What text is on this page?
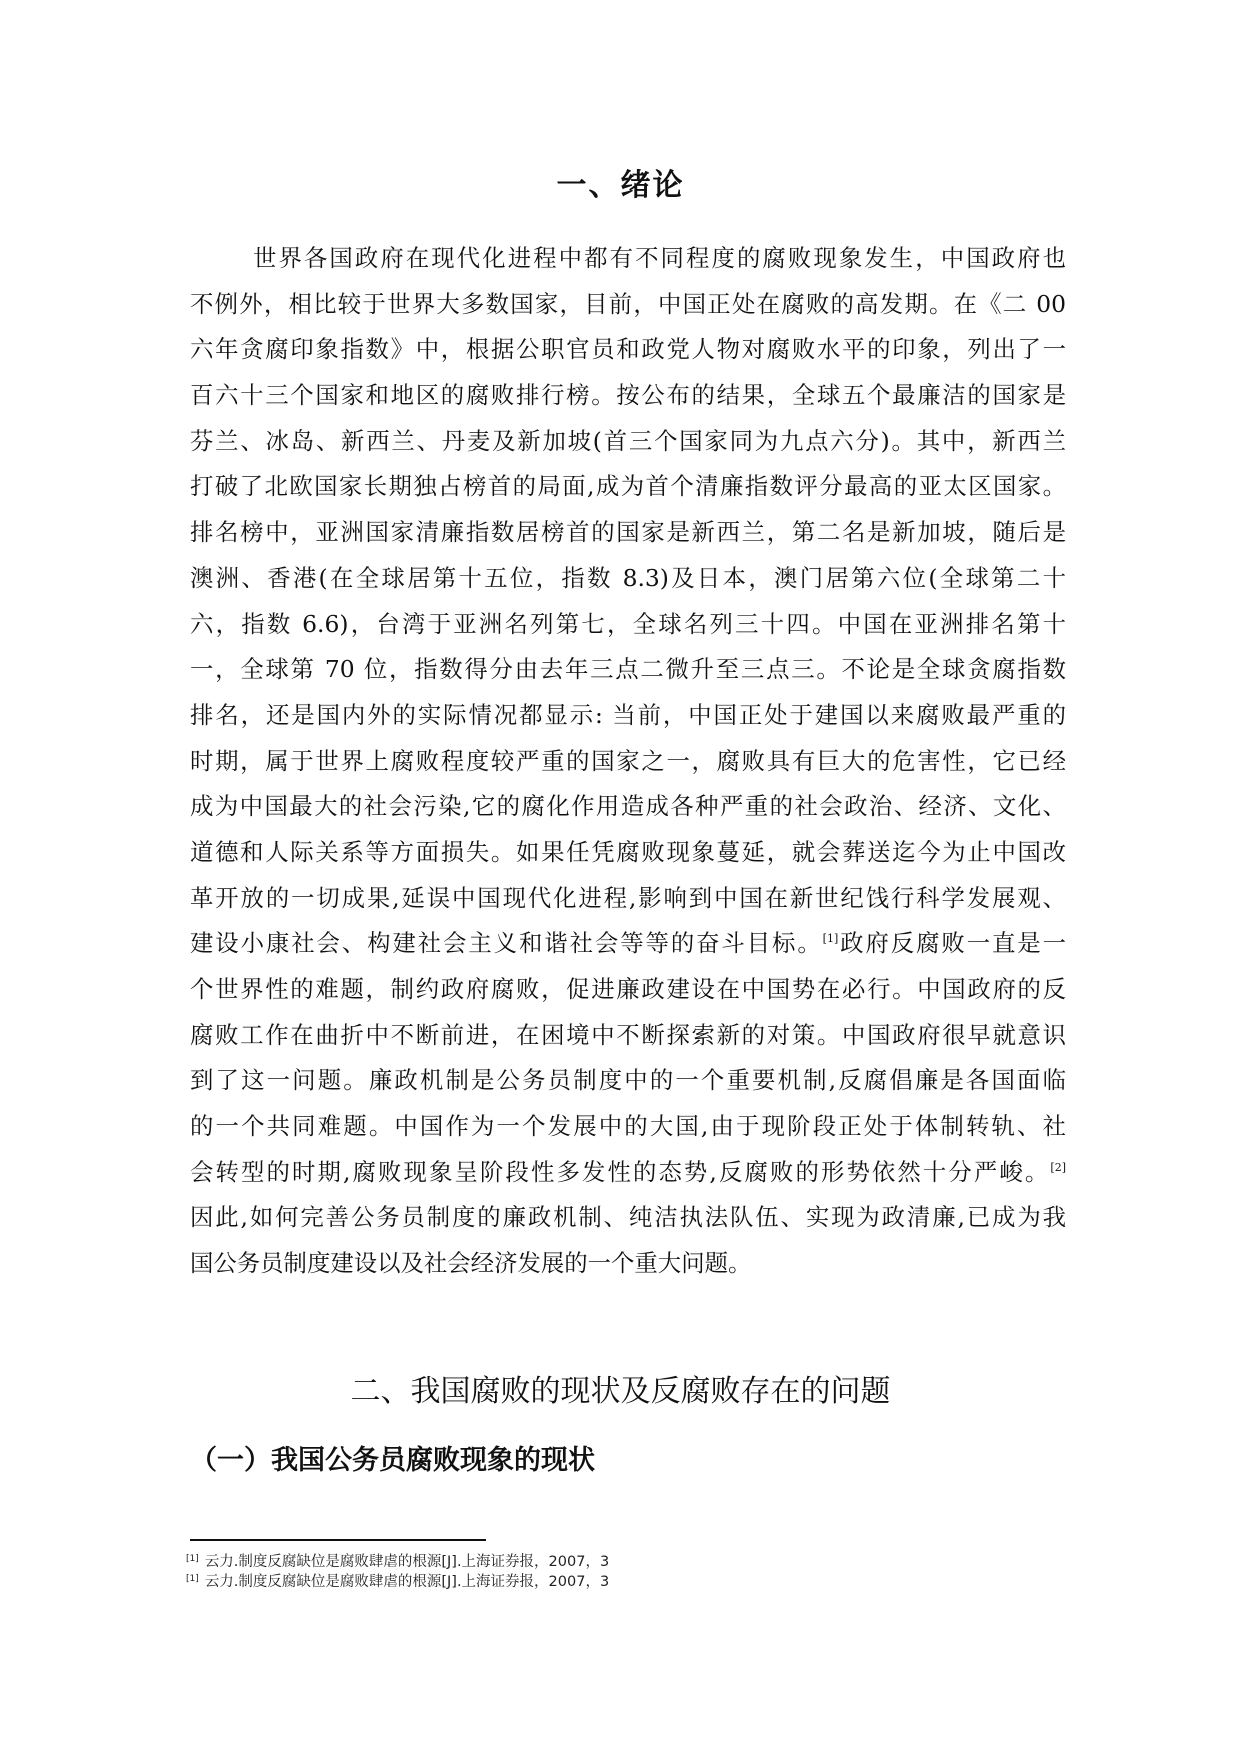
一、绪论
世界各国政府在现代化进程中都有不同程度的腐败现象发生，中国政府也
不例外，相比较于世界大多数国家，目前，中国正处在腐败的高发期。在《二 00
六年贪腐印象指数》中，根据公职官员和政党人物对腐败水平的印象，列出了一
百六十三个国家和地区的腐败排行榜。按公布的结果，全球五个最廉洁的国家是
芬兰、冰岛、新西兰、丹麦及新加坡(首三个国家同为九点六分)。其中，新西兰
打破了北欧国家长期独占榜首的局面,成为首个清廉指数评分最高的亚太区国家。
排名榜中，亚洲国家清廉指数居榜首的国家是新西兰，第二名是新加坡，随后是
澳洲、香港(在全球居第十五位，指数 8.3)及日本，澳门居第六位(全球第二十
六，指数 6.6)，台湾于亚洲名列第七，全球名列三十四。中国在亚洲排名第十
一，全球第 70 位，指数得分由去年三点二微升至三点三。不论是全球贪腐指数
排名，还是国内外的实际情况都显示: 当前，中国正处于建国以来腐败最严重的
时期，属于世界上腐败程度较严重的国家之一，腐败具有巨大的危害性，它已经
成为中国最大的社会污染,它的腐化作用造成各种严重的社会政治、经济、文化、
道德和人际关系等方面损失。如果任凭腐败现象蔓延，就会葬送迄今为止中国改
革开放的一切成果,延误中国现代化进程,影响到中国在新世纪饯行科学发展观、
建设小康社会、构建社会主义和谐社会等等的奋斗目标。[1]政府反腐败一直是一
个世界性的难题，制约政府腐败，促进廉政建设在中国势在必行。中国政府的反
腐败工作在曲折中不断前进，在困境中不断探索新的对策。中国政府很早就意识
到了这一问题。廉政机制是公务员制度中的一个重要机制,反腐倡廉是各国面临
的一个共同难题。中国作为一个发展中的大国,由于现阶段正处于体制转轨、社
会转型的时期,腐败现象呈阶段性多发性的态势,反腐败的形势依然十分严峻。[2]
因此,如何完善公务员制度的廉政机制、纯洁执法队伍、实现为政清廉,已成为我
国公务员制度建设以及社会经济发展的一个重大问题。
二、我国腐败的现状及反腐败存在的问题
（一）我国公务员腐败现象的现状
[1] 云力.制度反腐缺位是腐败肆虐的根源[J].上海证券报，2007，3
[1] 云力.制度反腐缺位是腐败肆虐的根源[J].上海证券报，2007，3
